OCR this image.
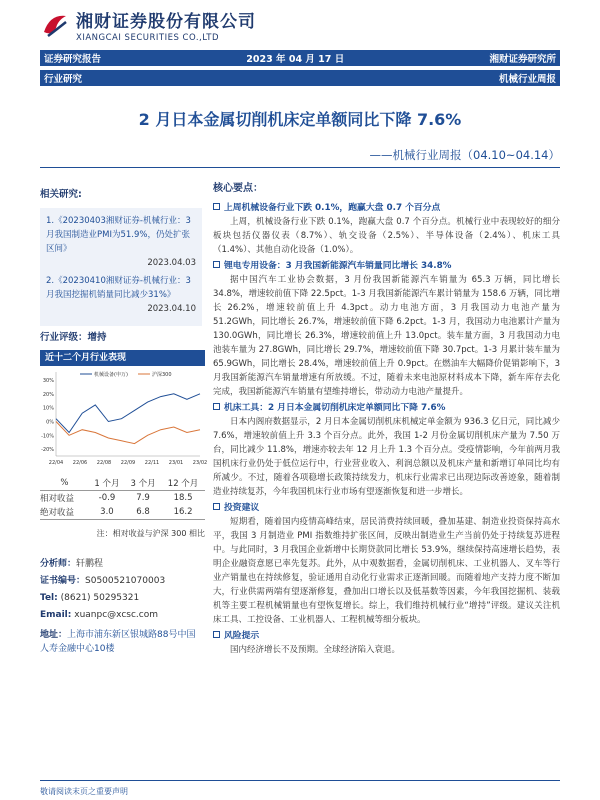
湘财证券股份有限公司
XIANGCAI SECURITIES CO.,LTD
证券研究报告	2023 年 04 月 17 日	湘财证券研究所
行业研究	机械行业周报
2 月日本金属切削机床定单额同比下降 7.6%
——机械行业周报（04.10~04.14）
相关研究:
1.《20230403湘财证券-机械行业：3月我国制造业PMI为51.9%，仍处扩张区间》
2023.04.03
2.《20230410湘财证券-机械行业：3月我国挖掘机销量同比减少31%》
2023.04.10
行业评级：增持
近十二个月行业表现
-20%
-10%
0%
10%
20%
30%
22/04 22/06 22/08 22/09 22/11 23/01 23/02
机械设备(申万)	沪深300
%	1 个月	3 个月	12 个月
相对收益	-0.9	7.9	18.5
绝对收益	3.0	6.8	16.2
注：相对收益与沪深 300 相比
分析师：轩鹏程
证书编号：S0500521070003
Tel: (8621) 50295321
Email: xuanpc@xcsc.com
地址：上海市浦东新区银城路88号中国人寿金融中心10楼
核心要点：
上周机械设备行业下跌 0.1%，跑赢大盘 0.7 个百分点
上周，机械设备行业下跌 0.1%，跑赢大盘 0.7 个百分点。机械行业中表现较好的细分板块包括仪器仪表（8.7%）、轨交设备（2.5%）、半导体设备（2.4%）、机床工具（1.4%）、其他自动化设备（1.0%）。
锂电专用设备：3 月我国新能源汽车销量同比增长 34.8%
据中国汽车工业协会数据，3 月份我国新能源汽车销量为 65.3 万辆，同比增长 34.8%，增速较前值下降 22.5pct。1-3 月我国新能源汽车累计销量为 158.6 万辆，同比增长 26.2%，增速较前值上升 4.3pct。动力电池方面，3 月我国动力电池产量为 51.2GWh，同比增长 26.7%，增速较前值下降 6.2pct。1-3 月，我国动力电池累计产量为 130.0GWh，同比增长 26.3%，增速较前值上升 13.0pct。装车量方面，3 月我国动力电池装车量为 27.8GWh，同比增长 29.7%，增速较前值下降 30.7pct。1-3 月累计装车量为 65.9GWh，同比增长 28.4%，增速较前值上升 0.9pct。在燃油车大幅降价促销影响下，3 月我国新能源汽车销量增速有所放缓。不过，随着未来电池原材料成本下降，新车库存去化完成，我国新能源汽车销量有望维持增长，带动动力电池产量提升。
机床工具：2 月日本金属切削机床定单额同比下降 7.6%
日本内阁府数据显示，2 月日本金属切削机床机械定单金额为 936.3 亿日元，同比减少 7.6%，增速较前值上升 3.3 个百分点。此外，我国 1-2 月份金属切削机床产量为 7.50 万台，同比减少 11.8%，增速亦较去年 12 月上升 1.3 个百分点。受疫情影响，今年前两月我国机床行业仍处于低位运行中，行业营业收入、利润总额以及机床产量和新增订单同比均有所减少。不过，随着各项稳增长政策持续发力，机床行业需求已出现边际改善迹象，随着制造业持续复苏，今年我国机床行业市场有望逐渐恢复和进一步增长。
投资建议
短期看，随着国内疫情高峰结束，居民消费持续回暖，叠加基建、制造业投资保持高水平，我国 3 月制造业 PMI 指数维持扩张区间，反映出制造业生产当前仍处于持续复苏进程中。与此同时，3 月我国企业新增中长期贷款同比增长 53.9%，继续保持高速增长趋势，表明企业融资意愿已率先复苏。此外，从中观数据看，金属切削机床、工业机器人、叉车等行业产销量也在持续修复，验证通用自动化行业需求正逐渐回暖。而随着地产支持力度不断加大，行业供需两端有望逐渐修复，叠加出口增长以及低基数等因素，今年我国挖掘机、装载机等主要工程机械销量也有望恢复增长。综上，我们维持机械行业“增持”评级。建议关注机床工具、工控设备、工业机器人、工程机械等细分板块。
风险提示
国内经济增长不及预期。全球经济陷入衰退。
敬请阅读末页之重要声明
